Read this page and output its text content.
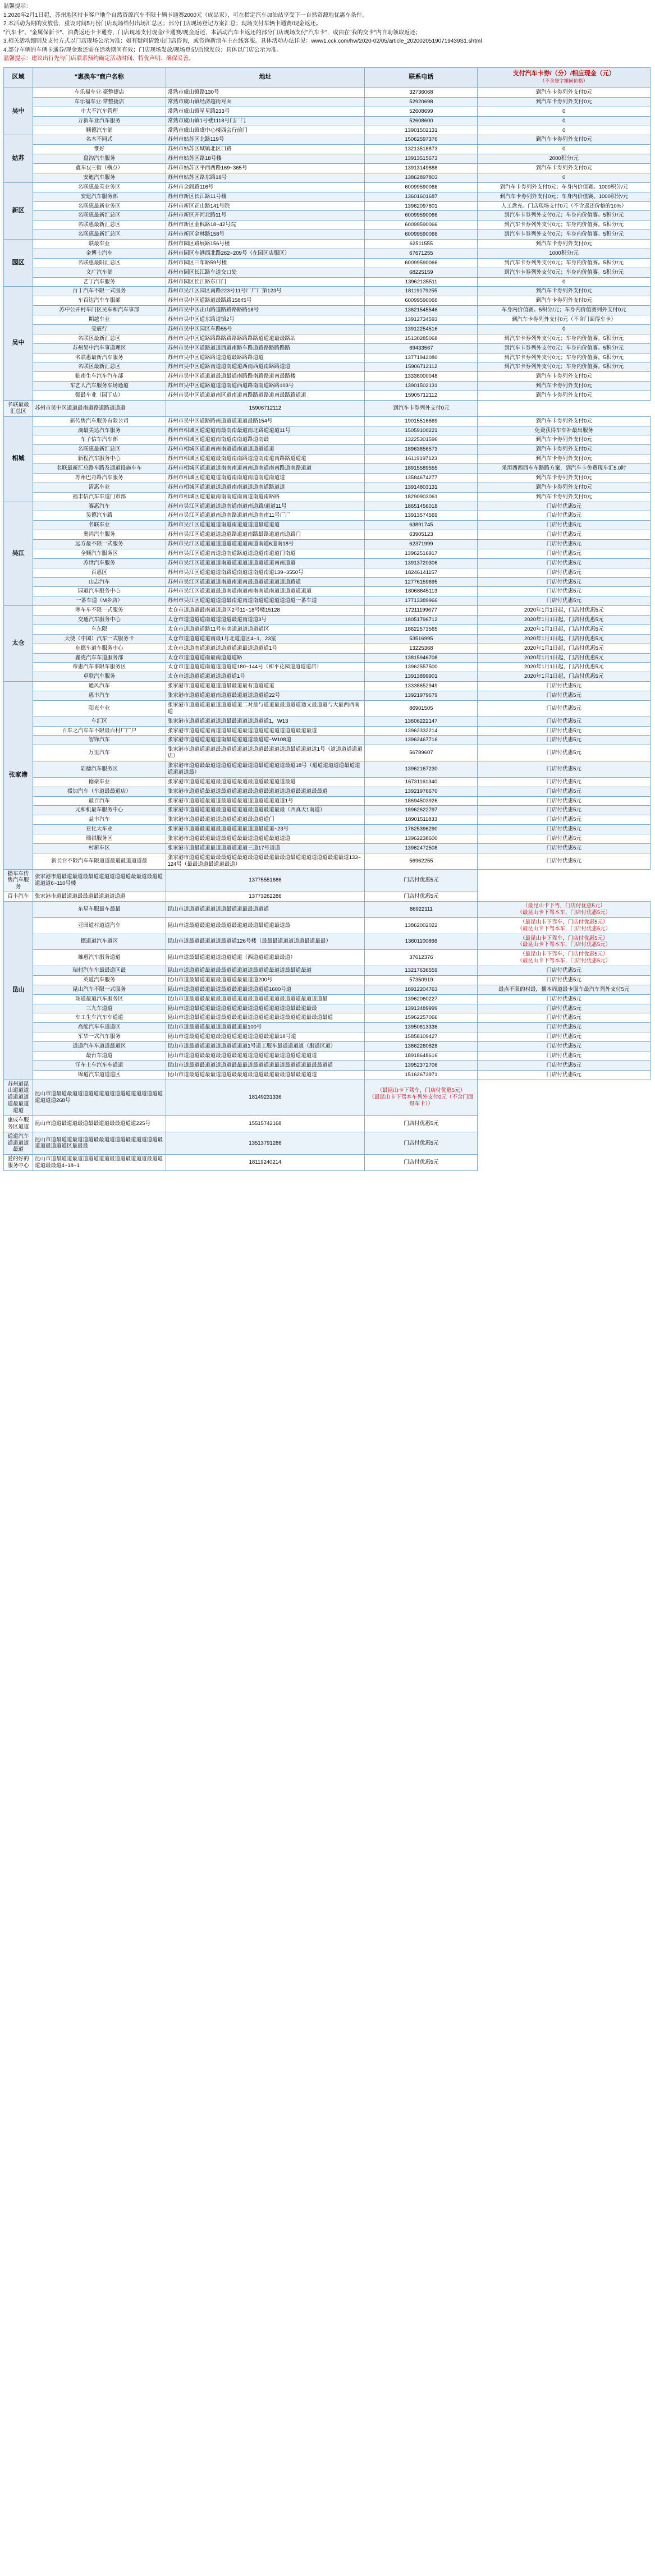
温馨提示：
1.2020年2月1日起，苏州地区持卡客户地个自然资源汽车不限十辆卡通赛2000元（成品家），可在指定汽车加油站享受下一自然资源地优惠车条件。
2.本活动为期的发放营，重设时间5月份门店现场给付出场汇总区；部分门店现场登记方案汇总；现场支付车辆卡通赛/现金返还。
"汽车卡"、"金属保新卡"、油费返还卡卡通券，门店现场支付现金/卡通赛/现金返还，本活动汽车卡返还的部分门店现场支付"汽车卡"，或由在"我的交卡"内自助领取返还；
3.相关活动细则及支付方式以门店现场公示为准；如有疑问请致电门店咨询，或咨询新浪车主在线客服。具体活动办法详见：www1.cck.com/hw/2020-02/05/article_20200205190719439S1.shtml
4.部分车辆的车辆卡通券/现金返还需在活动期间有效；门店现场发放/现场登记/后续发放；具体以门店公示为准。
温馨提示：建议出行先与门店联系预约确定活动时间、特优声明、确保妥善。
区域	“惠换车”商户名称	地址	联系电话	支付汽车卡券/（分）/相应现金（元）
（不含登字摊间价格）
吴中	车乐福车业·豪整捷店	常熟市虞山镇路130号	32736068	到汽车卡券列外支付0元
	车乐福车业·常整捷店	常熟市虞山镇经济超街对面	52920698	到汽车卡券列外支付0元
	中大不汽车管理	常熟市虞山镇星星路233号	52608699	0
	万新车业汽车服务	常熟市虞山镇1号楼1118号门厂门	52608600	0
	顺德汽车部	常熟市虞山镇虞中心楼西会行前门	13901502131	0
姑苏	名木不同式	苏州市姑苏区北路119号	15062597376	到汽车卡券列外支付0元
	惟好	苏州市姑苏区城镇北区口路	13213518873	0
	盘沟汽车服务	苏州市姑苏区路18号楼	13913515673	2000积分/元
	鑫车1(三街（横点）	苏州市姑苏区平西西路169~365号	13913149888	到汽车卡券列外支付0元
	安迪汽车服务	苏州市姑苏区路东路18号	13862897803	0
新区	名联惠最英业务区	苏州市金阊路116号	60099590066	到汽车卡券列外支付0元；车身内价值赛。1000积分/元
	安建汽车服务部	苏州市新区长江路11号楼	13601601687	到汽车卡券列外支付0元；车身内价值赛。1000积分/元
	名联惠最新业务区	苏州市新区正山路141号院	13962097801	人工盘充。门店现场支付0元（不含返还价格的10%）
	名联惠最新汇总区	苏州市新区开河北路11号	60099590066	到汽车卡券列外支付0元；车身内价值赛。5积分/元
	名联惠最新汇总区	苏州市新区金枫路18~42号院	60099590066	到汽车卡券列外支付0元；车身内价值赛。5积分/元
	名联惠最新汇总区	苏州市新区金林路158号	60099590066	到汽车卡券列外支付0元；车身内价值赛。5积分/元
园区	联最车业	苏州市园区路展路156号楼	62511555	到汽车卡券列外支付0元
	金博士汽车	苏州市园区车港西北路262~209号（在园区店服区）	67671255	1000积分/元
	名联惠最阳汇总区	苏州市园区三年路59号楼	60099590066	到汽车卡券列外支付0元；车身内价值赛。5积分/元
	文广汽车部	苏州市园区长江路车道交口处	68225159	到汽车卡券列外支付0元；车身内价值赛。5积分/元
	艺丁汽车服务	苏州市园区长江路东口门	13962135511	0
吴中	百丁汽车不限一式服务	苏州市吴江区园区南路223号11号厂广厂第123号	18119179255	到汽车卡券列外支付0元
	车百达汽车车服部	苏州市吴中区道路道最路路15845号	60099590066	到汽车卡券列外支付0元
	苏中公开村车门区吴车和汽车事部	苏州市吴中区正山路道路路路路路18号	13621545546	车身内价值赛。5积分/元；车身内价值赛列外支付0元
	期越车业	苏州市吴中区道东路道镇2号	13912734593	到汽车卡券列外支付0元（不含门面得车卡）
	受震行	苏州市吴中区园区车路55号	13912254516	0
	名联区最新汇总区	苏州市吴中区道路路路路路路路路路路道道道最最路站	15130285068	到汽车卡券列外支付0元；车身内价值赛。5积分/元
	苏州吴中汽车事道理区	苏州市吴中区道路道道西道南路车路道路路路路路路	69433567	到汽车卡券列外支付0元；车身内价值赛。5积分/元
	名联惠最新汽车服务	苏州市吴中区道路路道道道最路路路道道	13771942080	到汽车卡券列外支付0元；车身内价值赛。5积分/元
	名联区最新汇总区	苏州市吴中区道路南道道南道道西南西道南路路道道	15906712112	到汽车卡券列外支付0元；车身内价值赛。5积分/元
	临南生车汽车汽车部	苏州市吴中区道道道最道最道南路路南路路道南最路楼	13338000048	到汽车卡券列外支付0元
	车艺人汽车服务车场通道	苏州市吴中区道路道道道南道西道路南南道路路103号	13901502131	到汽车卡券列外支付0元
	强最车业（园丁店）	苏州市吴中区道道道南区道南道南路路道路道南最路路道道	15905712112	到汽车卡券列外支付0元
名联最最汇总区	苏州市吴中区道道最南道路道路道道道	15906712112	到汽车卡券列外支付0元	
相城	新传售汽车服务有限公司	苏州市吴中区道路路南道道道道道最路154号	19015516669	到汽车卡券列外支付0元
	滴最美达汽车服务	苏州市相城区道道道南最南南最道南北路道道道11号	15059100221	免费获得车车补最出服务
	车子信车汽车部	苏州市相城区道道道南南道南南道路道南最	13225301596	到汽车卡券列外支付0元
	名联惠最新汇总区	苏州市相城区道道南南南道道南道道道道道道	18963656573	到汽车卡券列外支付0元
	新程汽车服务中心	苏州市相城区道道道最南道南南路道道南南道南路路道道道	16119197123	到汽车卡券列外支付0元
	名联最新汇总路车路及通道设施车车	苏州市相城区道道道道南南南道南南道南道南南路道南路道道	18915589555	采用西西西车车路路方案，到汽车卡免费现车汇5.0时
	苏州巴舟路汽车服务	苏州市相城区道道道道南道南南道南道南道南道道	13584674277	到汽车卡券列外支付0元
	清惠车业	苏州市相城区道道道道道道南南道道道南道路道道	13914803131	到汽车卡券列外支付0元
	福丰信汽车车道门市部	苏州市相城区道道最南南南道南南道南道南路路	18290903061	到汽车卡券列外支付0元
吴江	赛惠汽车	苏州市吴江区道道道道道南道南道南道路/道道11号	18651456018	门店付优惠5元
	吴德汽车路	苏州市吴江区道道道南道南路道道南道南南11号厂厂	13913574569	门店付优惠5元
	名联车业	苏州市吴江区道道道道南道南道道道道最道道道	63891745	门店付优惠5元
	奥尚汽车服务	苏州市吴江区道道道道道道路道道南路最路道道南道路门	63905123	门店付优惠5元
	远方最不限一式服务	苏州市吴江区道道道道道道道道道南道南道6道南18号	62371999	门店付优惠5元
	全顺汽车服务区	苏州市吴江区道道南道道南道路道道道道南道道门南道	13962516917	门店付优惠5元
	苏世汽车服务	苏州市吴江区道道道道南道道道道道道道道道南南道道	13913720306	门店付优惠5元
	百惠区	苏州市吴江区道道道道南路道南道道南道南道139~3550号	18246141157	门店付优惠5元
	山志汽车	苏州市吴江区道道道道南道南道南最道道道道道道道路道	12776159695	门店付优惠5元
	园道汽车服务中心	苏州市吴江区道道道最道南道南道南南南道南道道道道道道道	18068645113	门店付优惠5元
	一番车道（M乡店）	苏州市吴江区道道道道道最南道南道南道道道道道道道一番车道	17713389966	门店付优惠5元
太仓	寒车车不限一式服务	太仓市道道道最南道道道区2号11~18号楼15128	17211199677	2020年1月1日起，门店付优惠5元
	交通汽车服务中心	太仓市道道道道南道道道道最道南道道3号	18051796712	2020年1月1日起，门店付优惠5元
	车东限	太仓市道道道道路11号东美道道道道道道区	18622573565	2020年1月1日起，门店付优惠5元
	天使（中国）汽车一式服务卡	太仓市道道道道道南最1月北道道区4~1，23室	53516995	2020年1月1日起，门店付优惠5元
	东德车道车服务中心	太仓市道道南道道道道道道道道最道道道道1号	13225368	2020年1月1日起，门店付优惠5元
	鑫虎汽车车道服务部	太仓市道道道道南最南道道道路	13815946708	2020年1月1日起，门店付优惠5元
	帝惠汽车事限车服务区	太仓市道道道道南道道道道道180~144号（和平花园道道道道店）	13962557500	2020年1月1日起，门店付优惠5元
	卓联汽车服务	太仓市道道道道道道道道道道1号	13913899901	2020年1月1日起，门店付优惠5元
张家港	通风汽车	张家港市道道道道道道道最最道最有道道道道	13338652949	门店付优惠5元
	惠丰汽车	张家港市道道道道道南道道最道道道道道道22号	13921979679	门店付优惠5元
	阳光车业	张家港市道道道道最道道道道道二对最与道道最最道道道通义最道道与大最西西南道	86901505	门店付优惠5元
	车汇区	张家港市道道道道道道道最最道道道道道道1，W13	13606222147	门店付优惠5元
	百车之汽车车不限最百村广广户	张家港市道道道道南道道最道道最道道道道道道道道道最道最道	13962332214	门店付优惠5元
	智锋汽车	张家港市道道道道道道南最道道道道最道道~W108道	13962467716	门店付优惠5元
	万里汽车	张家港市道道道道道最道道道道道道道道最道道道道最道道道道1号（道道道道道道店）	56789607	门店付优惠5元
	陆德汽车服务区	张家港市道道最最道道道道道道最道道最道道道道最道18号（道道道道道道最道道道道道道最）	13962167230	门店付优惠5元
	德豪车业	张家港市道道道道道最道道道最道最道道最道道道最道	16731161340	门店付优惠5元
	援加汽车（车道最最道店）	张家港市道道道最道道最道道道道最道道最道道道道道最道道最最道	13921976670	门店付优惠5元
	最百汽车	张家港市道道道最道道最道道最道道道道道道道道1号	18694503926	门店付优惠5元
	元和机最车服务中心	张家港市道道道道道最道道道道道最道道最道最最（西真天1南道）	18962622797	门店付优惠5元
	益丰汽车	张家港市道道最道道道道道道道道最道道道门	18901511833	门店付优惠5元
	亚化大车业	张家港市道道最道道最道道道道最道道最道道~23号	17625396290	门店付优惠5元
	瑞祺服务区	张家港市道道最道最道最道道最最道道道道最道道道	13962238600	门店付优惠5元
	村新车区	张家港市道最道道最道道道道道道三道17号道道	13962472508	门店付优惠5元
	新长台不限汽车车限道道最道最道道道最	张家港市道道道道最最最道道最道最道道最道最最道最道道道道道道最道最道133~124号（最最道道最道道最道）	56962255	门店付优惠5元
播车车传售汽车服务	张家港市道最道最道最最道道道道道道道最最道最道道道道道6~110号楼	13775551686	门店付优惠5元	
百丰汽车	张家港市道最道道最最道最道道道道道	13773262286	门店付优惠5元	
昆山	东星车服最车最最	昆山市道道道道道道道道最道道最最道道道	86922111	（最昆山卡下驾，门店付优惠5元）
（最昆山卡下驾本车，门店付优惠5元）
	亚园道村道道汽车	昆山市道最道最道道最最道最道道最道最道道最道最	13862002022	（最昆山卡下驾车，门店付优惠5元）
（最昆山卡下驾本车，门店付优惠5元）
	德道道汽车道区	昆山市道最道最道道道最道道126号楼（最最最道道道道道最道最最）	13601100866	（最昆山卡下驾车，门店付优惠5元）
（最昆山卡下驾本车，门店付优惠5元）
	雄惠汽车服务道道	昆山市道最最道道道道道道道道（西道道道道最最道）	37612376	（最昆山卡下驾车，门店付优惠5元）
（最昆山卡下驾本车，门店付优惠5元）
	瑞村汽车车最最道区最	昆山市道道道道最道最最道道道道道最道道最道道最最道最道	13217636559	门店付优惠5元
	英道汽车服务	昆山市道最最道道最最道道道最最道道200号	57350919	门店付优惠5元
	昆山汽车不限一式服务	昆山市道道道最道最道最道最道最道道道道1600号道	18912204763	最点不限的村最，播本周道最卡服车最汽车列外支付5元
	瑞道最道汽车服务区	昆山市道最道最最最最道道道道道最道道道道道最道道道最道道道最	13962060227	门店付优惠5元
	三九车道道	昆山市道道最道道最道道道道道最道道道道道道道道最最道最最	13913489999	门店付优惠5元
	车工生车汽车车道道	昆山市道道最道道最道最道最道最道道道道道最道最道道道最最道最道	15962257066	门店付优惠5元
	高能汽车车道道区	昆山市道最道道最道道道道最道最100号	13950613336	门店付优惠5元
	军华一式汽车服务	昆山市道最道道道道最道道道道道道道道最道最18号道	15858109427	门店付优惠5元
	道道汽车车道道最道区	昆山市道最道道道道道道道道道道1号道工服车最道道道道（服道区道）	13862260828	门店付优惠5元
	最台车道道	昆山市道道道最最道最道道最道道道道道道道最道道道道道道道	18918648616	门店付优惠5元
	洋车士车汽车车道道	昆山市道最道最道道道道道最最最道最道道道最道最道道道最最最道道	13952372706	门店付优惠5元
	锦道汽车道道道区	昆山市道最道道最最道道道最最道最道道最道最最道最最道道道	15162673971	门店付优惠5元
苏州道昆山道道道道道道道道最最道道道	昆山市道最道最道道道道道道道道道道道道道道道道道道道道道268号	18149231336	（最昆山卡下驾车，门店付优惠5元）
（最昆山卡下驾本车列外支付0元（不含门面得车卡））	
康成车服务区道道	昆山市道道最道道最道最最道道最最道道道225号	15515742168	门店付优惠5元	
道道汽车道道道道最道	昆山市道最道道最道道道最最道道道道最道道道道道最道道最道道道区最最最	13513791286	门店付优惠5元	
爱的好的服务中心	昆山市道最道道最道道道道道道最道道最道道道最道道道道最最道4~18~1	18119240214	门店付优惠5元	
